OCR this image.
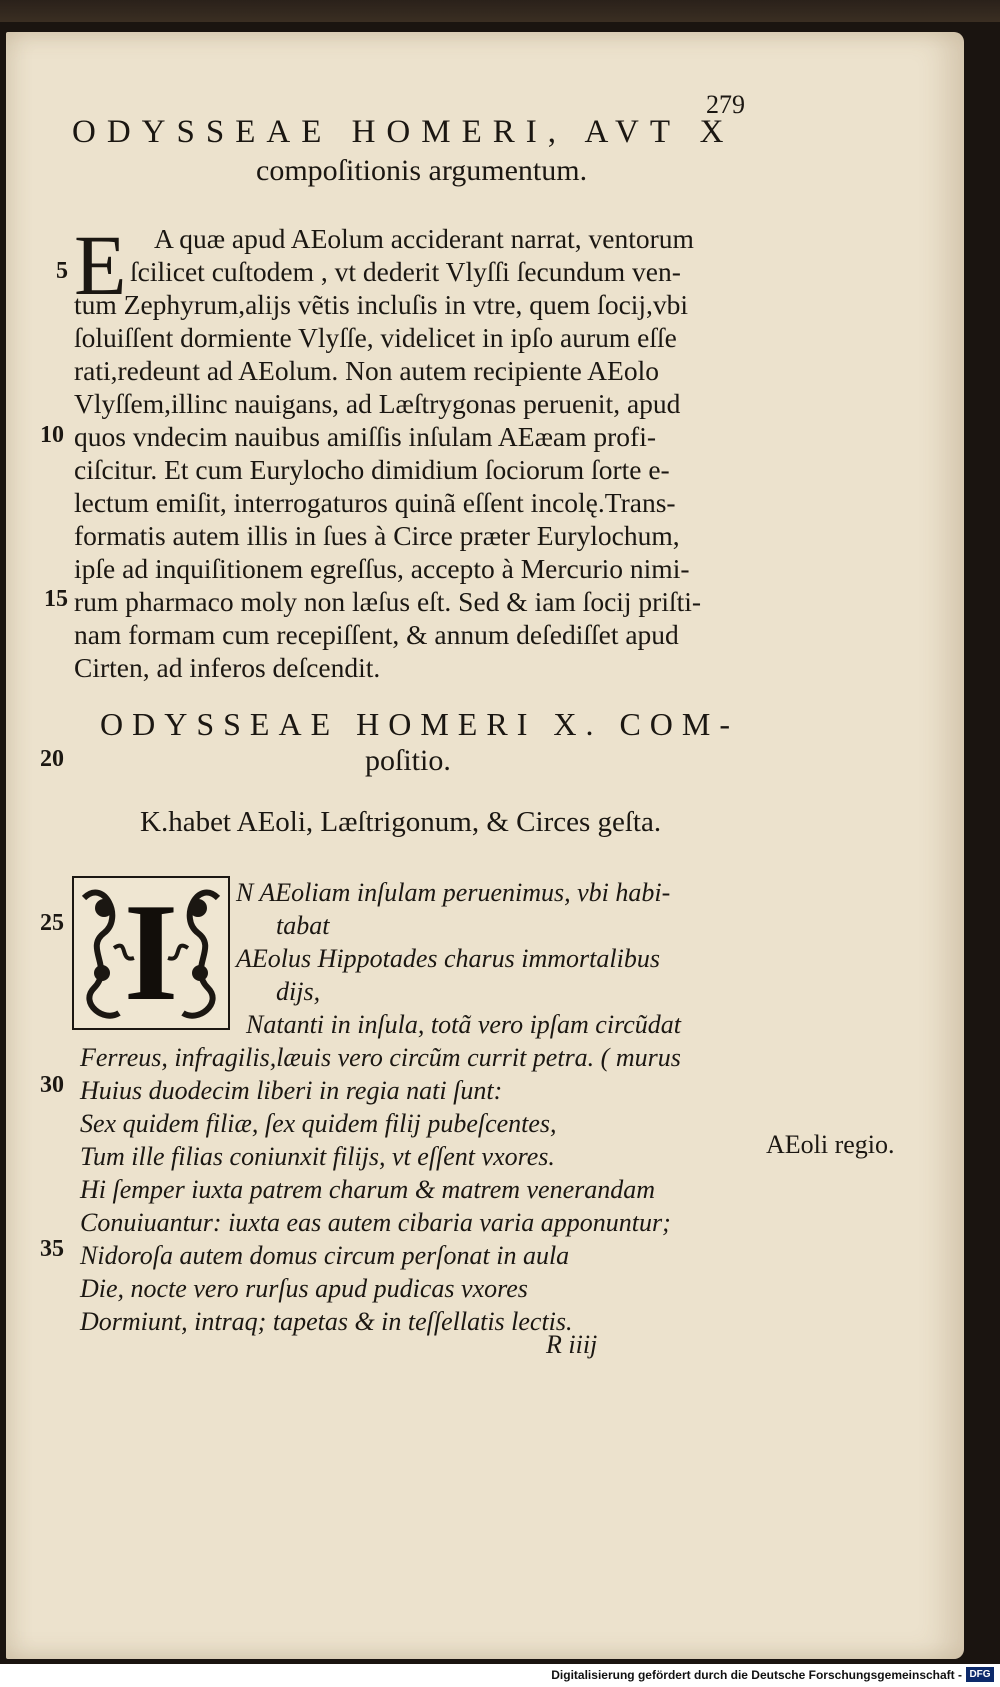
279
ODYSSEAE HOMERI, AVT X
compoſitionis argumentum.
E A quæ apud AEolum acciderant narrat, ventorum
ſcilicet cuſtodem , vt dederit Vlyſſi ſecundum ven-
tum Zephyrum,alijs vẽtis incluſis in vtre, quem ſocij,vbi
ſoluiſſent dormiente Vlyſſe, videlicet in ipſo aurum eſſe
rati,redeunt ad AEolum. Non autem recipiente AEolo
Vlyſſem,illinc nauigans, ad Læſtrygonas peruenit, apud
quos vndecim nauibus amiſſis inſulam AEæam profi-
ciſcitur. Et cum Eurylocho dimidium ſociorum ſorte e-
lectum emiſit, interrogaturos quinã eſſent incolę.Trans-
formatis autem illis in ſues à Circe præter Eurylochum,
ipſe ad inquiſitionem egreſſus, accepto à Mercurio nimi-
rum pharmaco moly non læſus eſt. Sed & iam ſocij priſti-
nam formam cum recepiſſent, & annum deſediſſet apud
Cirten, ad inferos deſcendit.
5
10
15
20
25
30
35
ODYSSEAE HOMERI X. COM-
poſitio.
K.habet AEoli, Læſtrigonum, & Circes geſta.
I	N AEoliam inſulam peruenimus, vbi habi-
tabat
AEolus Hippotades charus immortalibus
dijs,
Natanti in inſula, totã vero ipſam circũdat
Ferreus, infragilis,læuis vero circũm currit petra. ( murus
Huius duodecim liberi in regia nati ſunt:
Sex quidem filiæ, ſex quidem filij pubeſcentes,
Tum ille filias coniunxit filijs, vt eſſent vxores.
Hi ſemper iuxta patrem charum & matrem venerandam
Conuiuantur: iuxta eas autem cibaria varia apponuntur;
Nidoroſa autem domus circum perſonat in aula
Die, nocte vero rurſus apud pudicas vxores
Dormiunt, intraq; tapetas & in teſſellatis lectis.
AEoli regio.
R iiij
Digitalisierung gefördert durch die Deutsche Forschungsgemeinschaft - DFG
